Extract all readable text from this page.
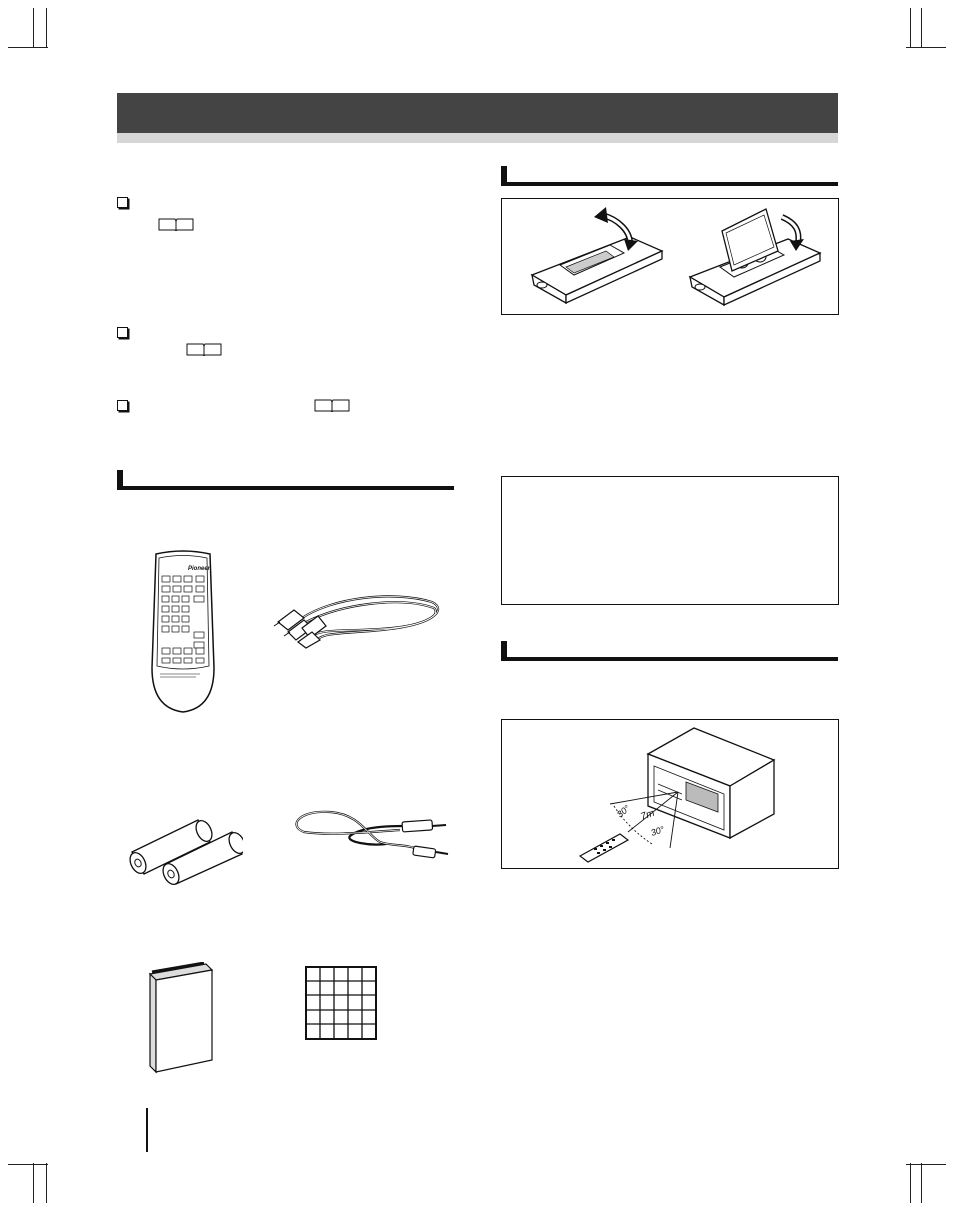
Pioneer
30° 7m
30°
